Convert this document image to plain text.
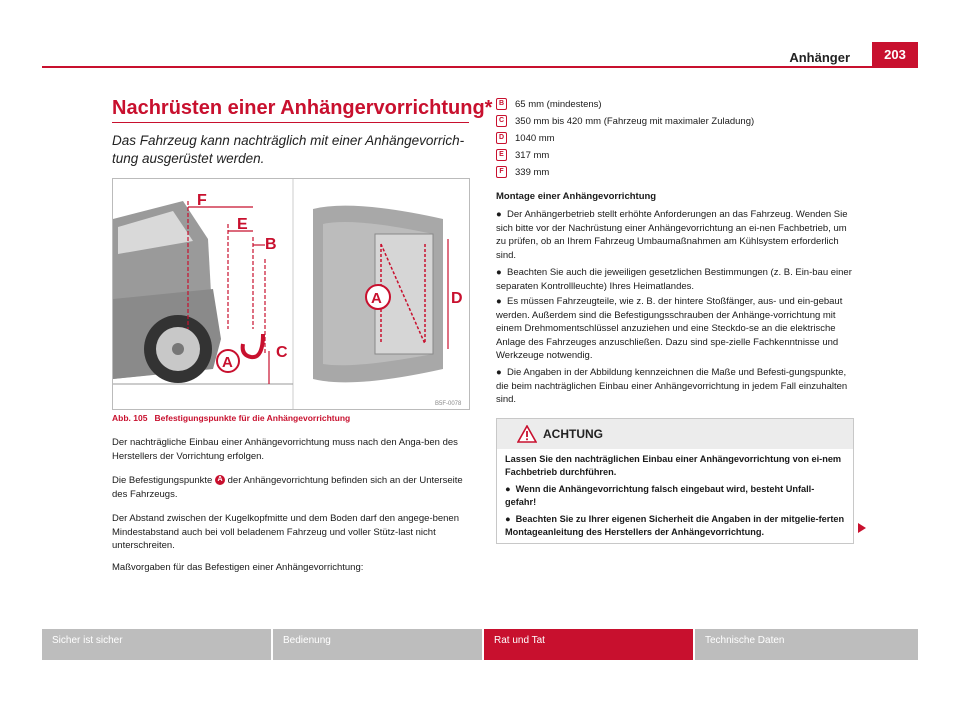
Anhänger	203
Nachrüsten einer Anhängervorrichtung*
Das Fahrzeug kann nachträglich mit einer Anhängevorrich-tung ausgerüstet werden.
F
E
B
C
A
A	D
B5F-0078
Abb. 105 Befestigungspunkte für die Anhängevorrichtung
Der nachträgliche Einbau einer Anhängevorrichtung muss nach den Anga-ben des Herstellers der Vorrichtung erfolgen.
Die Befestigungspunkte A der Anhängevorrichtung befinden sich an der Unterseite des Fahrzeugs.
Der Abstand zwischen der Kugelkopfmitte und dem Boden darf den angege-benen Mindestabstand auch bei voll beladenem Fahrzeug und voller Stütz-last nicht unterschreiten.
Maßvorgaben für das Befestigen einer Anhängevorrichtung:
B 65 mm (mindestens)
C 350 mm bis 420 mm (Fahrzeug mit maximaler Zuladung)
D 1040 mm
E 317 mm
F 339 mm
Montage einer Anhängevorrichtung
●  Der Anhängerbetrieb stellt erhöhte Anforderungen an das Fahrzeug. Wenden Sie sich bitte vor der Nachrüstung einer Anhängevorrichtung an ei-nen Fachbetrieb, um zu prüfen, ob an Ihrem Fahrzeug Umbaumaßnahmen am Kühlsystem erforderlich sind.
●  Beachten Sie auch die jeweiligen gesetzlichen Bestimmungen (z. B. Ein-bau einer separaten Kontrollleuchte) Ihres Heimatlandes.
●  Es müssen Fahrzeugteile, wie z. B. der hintere Stoßfänger, aus- und ein-gebaut werden. Außerdem sind die Befestigungsschrauben der Anhänge-vorrichtung mit einem Drehmomentschlüssel anzuziehen und eine Steckdo-se an die elektrische Anlage des Fahrzeuges anzuschließen. Dazu sind spe-zielle Fachkenntnisse und Werkzeuge notwendig.
●  Die Angaben in der Abbildung kennzeichnen die Maße und Befesti-gungspunkte, die beim nachträglichen Einbau einer Anhängevorrichtung in jedem Fall einzuhalten sind.
ACHTUNG
Lassen Sie den nachträglichen Einbau einer Anhängevorrichtung von ei-nem Fachbetrieb durchführen.
●  Wenn die Anhängevorrichtung falsch eingebaut wird, besteht Unfall-gefahr!
●  Beachten Sie zu Ihrer eigenen Sicherheit die Angaben in der mitgelie-ferten Montageanleitung des Herstellers der Anhängevorrichtung.
Sicher ist sicher	Bedienung	Rat und Tat	Technische Daten
